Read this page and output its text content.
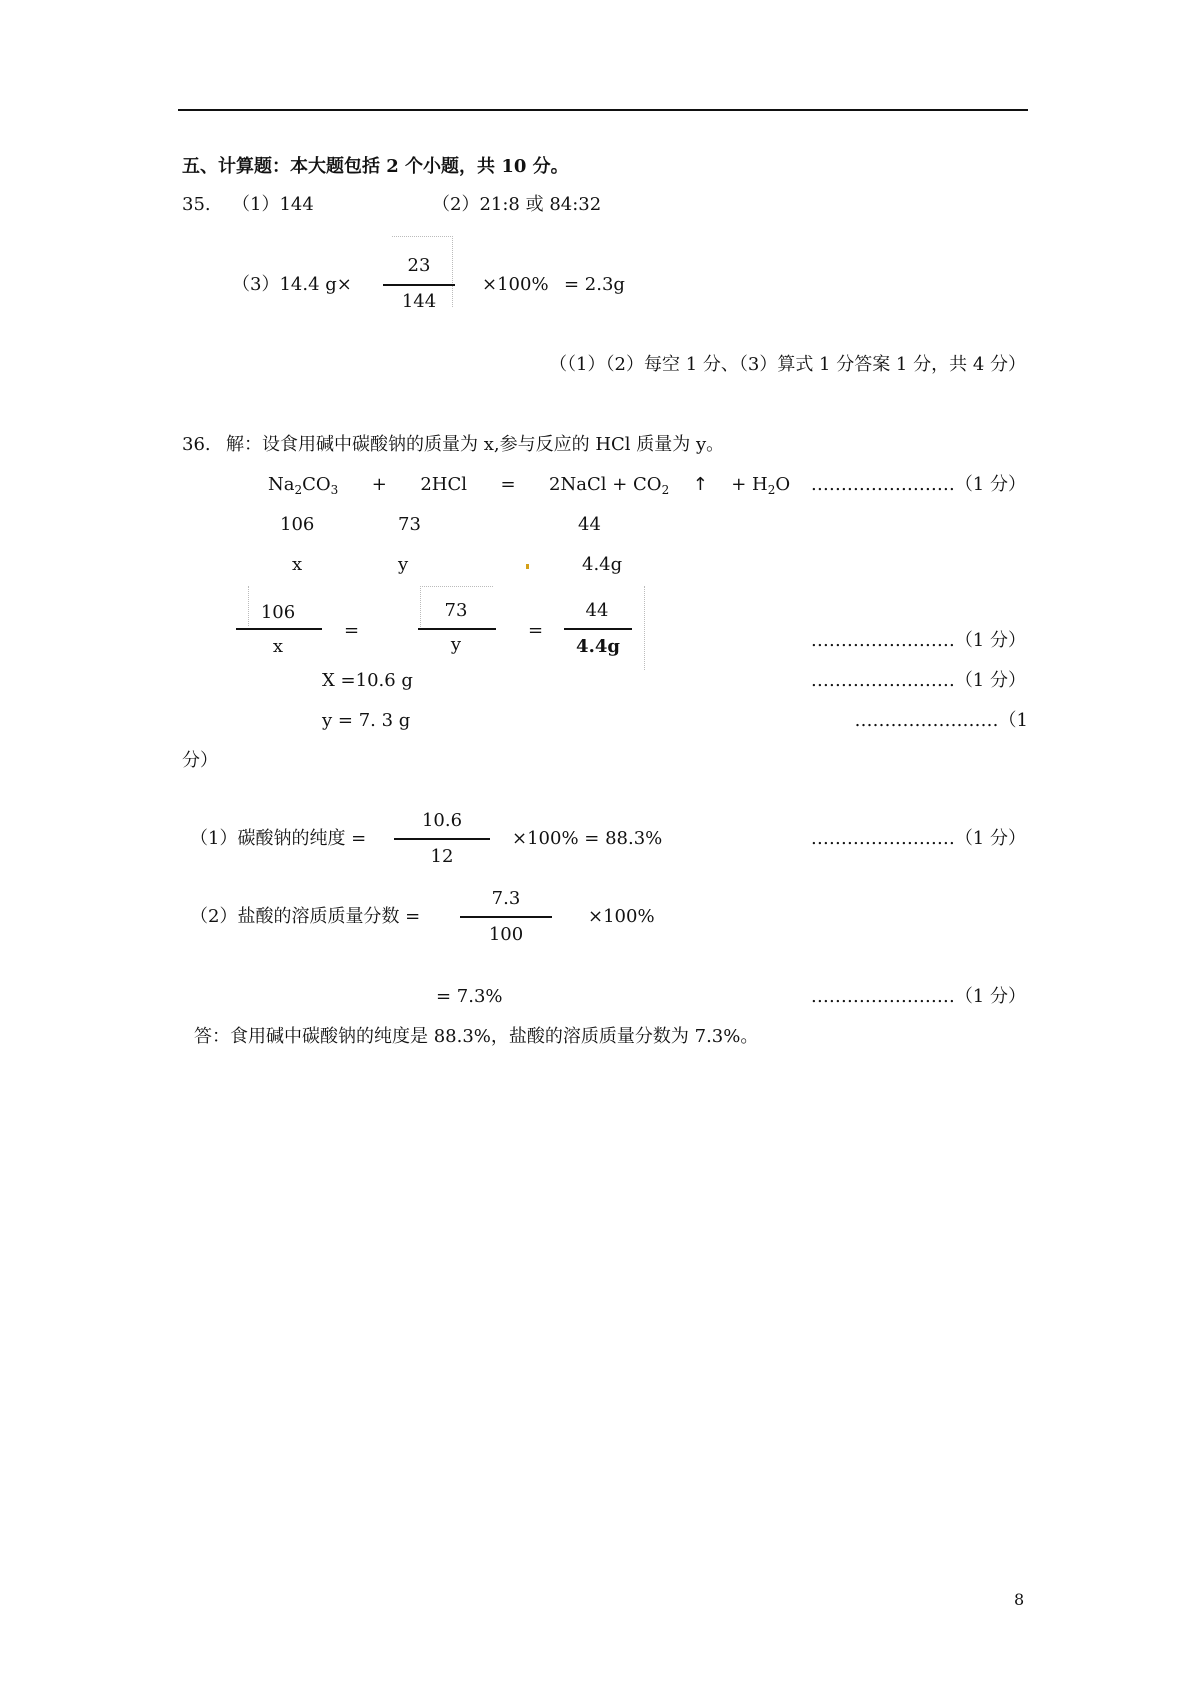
五、计算题：本大题包括 2 个小题，共 10 分。
35. （1）144	（2）21:8 或 84:32
（3）14.4 g×
23
144
×100% = 2.3g
（（1）（2）每空 1 分、（3）算式 1 分答案 1 分，共 4 分）
36. 解：设食用碱中碳酸钠的质量为 x,参与反应的 HCl 质量为 y。
$Na_2CO_3 + 2HCl$ = 2NaCl + $CO_2$ ↑ + $H_2O$ ……………………（1 分）
106	73	44
x	y	4.4g
106
x
=
73
y
=
44
4.4g	……………………（1 分）
X =10.6 g	……………………（1 分）
y = 7. 3 g	……………………（1
分）
（1）碳酸钠的纯度 =
10.6
12
×100% = 88.3%	……………………（1 分）
（2）盐酸的溶质质量分数 =
7.3
100
×100%
= 7.3%	……………………（1 分）
答：食用碱中碳酸钠的纯度是 88.3%，盐酸的溶质质量分数为 7.3%。
8
